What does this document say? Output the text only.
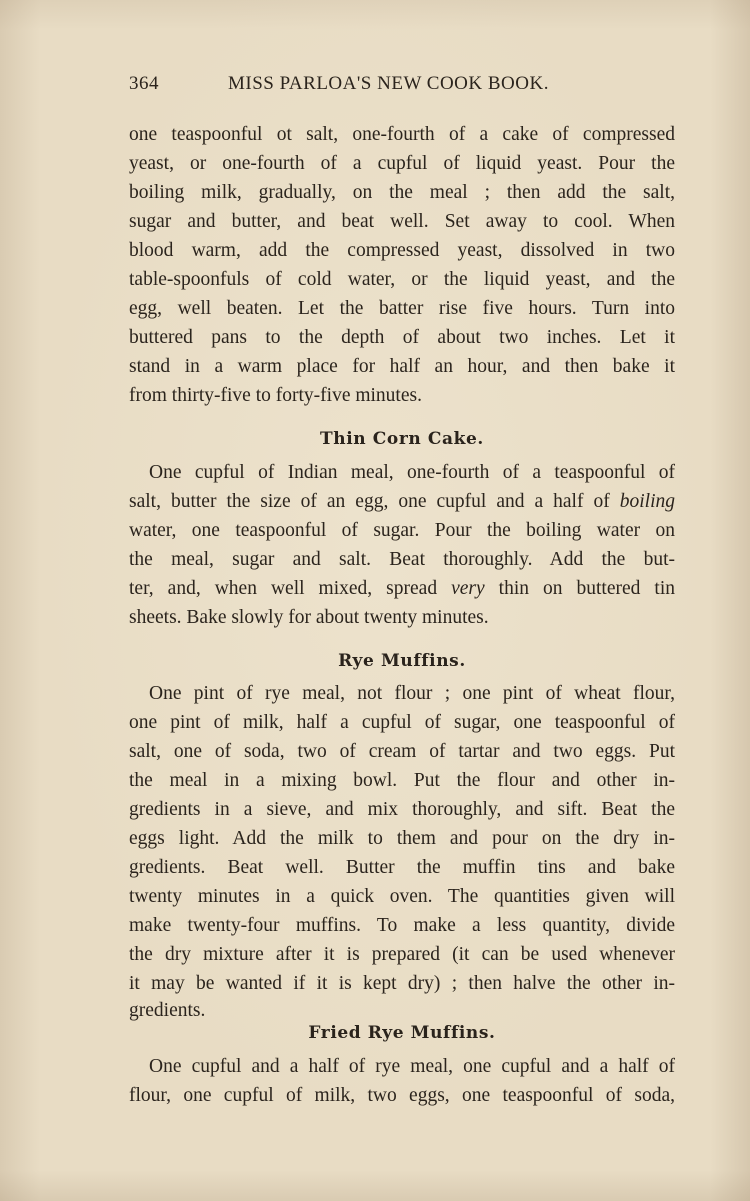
364	MISS PARLOA'S NEW COOK BOOK.
one teaspoonful ot salt, one-fourth of a cake of compressed
yeast, or one-fourth of a cupful of liquid yeast. Pour the
boiling milk, gradually, on the meal ; then add the salt,
sugar and butter, and beat well. Set away to cool. When
blood warm, add the compressed yeast, dissolved in two
table-spoonfuls of cold water, or the liquid yeast, and the
egg, well beaten. Let the batter rise five hours. Turn into
buttered pans to the depth of about two inches. Let it
stand in a warm place for half an hour, and then bake it
from thirty-five to forty-five minutes.
Thin Corn Cake.
One cupful of Indian meal, one-fourth of a teaspoonful of
salt, butter the size of an egg, one cupful and a half of boiling
water, one teaspoonful of sugar. Pour the boiling water on
the meal, sugar and salt. Beat thoroughly. Add the but-
ter, and, when well mixed, spread very thin on buttered tin
sheets. Bake slowly for about twenty minutes.
Rye Muffins.
One pint of rye meal, not flour ; one pint of wheat flour,
one pint of milk, half a cupful of sugar, one teaspoonful of
salt, one of soda, two of cream of tartar and two eggs. Put
the meal in a mixing bowl. Put the flour and other in-
gredients in a sieve, and mix thoroughly, and sift. Beat the
eggs light. Add the milk to them and pour on the dry in-
gredients. Beat well. Butter the muffin tins and bake
twenty minutes in a quick oven. The quantities given will
make twenty-four muffins. To make a less quantity, divide
the dry mixture after it is prepared (it can be used whenever
it may be wanted if it is kept dry) ; then halve the other in-
gredients.
Fried Rye Muffins.
One cupful and a half of rye meal, one cupful and a half of
flour, one cupful of milk, two eggs, one teaspoonful of soda,
